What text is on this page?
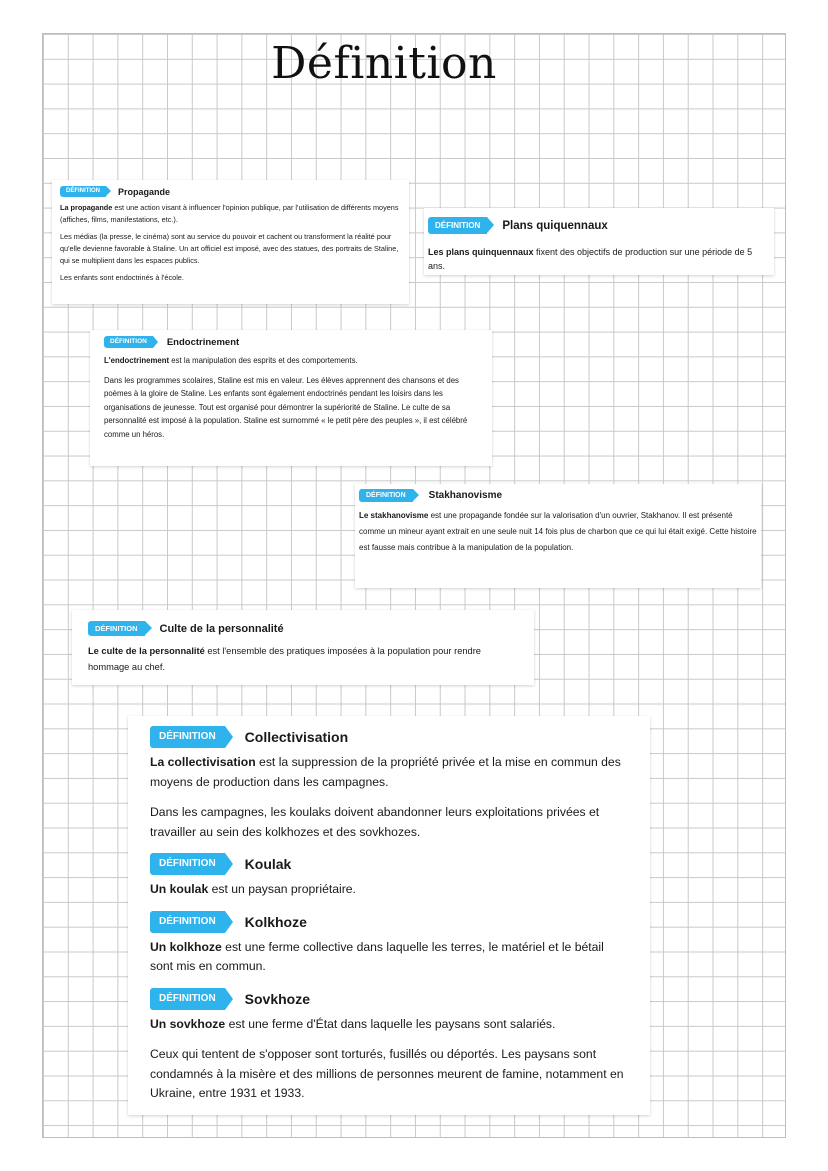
Définition
DÉFINITION	Propagande

La propagande est une action visant à influencer l'opinion publique, par l'utilisation de différents moyens (affiches, films, manifestations, etc.).

Les médias (la presse, le cinéma) sont au service du pouvoir et cachent ou transforment la réalité pour qu'elle devienne favorable à Staline. Un art officiel est imposé, avec des statues, des portraits de Staline, qui se multiplient dans les espaces publics.

Les enfants sont endoctrinés à l'école.

DÉFINITION	Plans quiquennaux

Les plans quinquennaux fixent des objectifs de production sur une période de 5 ans.

DÉFINITION	Endoctrinement

L'endoctrinement est la manipulation des esprits et des comportements.

Dans les programmes scolaires, Staline est mis en valeur. Les élèves apprennent des chansons et des poèmes à la gloire de Staline. Les enfants sont également endoctrinés pendant les loisirs dans les organisations de jeunesse. Tout est organisé pour démontrer la supériorité de Staline. Le culte de sa personnalité est imposé à la population. Staline est surnommé « le petit père des peuples », il est célébré comme un héros.

DÉFINITION	Stakhanovisme

Le stakhanovisme est une propagande fondée sur la valorisation d'un ouvrier, Stakhanov. Il est présenté comme un mineur ayant extrait en une seule nuit 14 fois plus de charbon que ce qui lui était exigé. Cette histoire est fausse mais contribue à la manipulation de la population.

DÉFINITION	Culte de la personnalité

Le culte de la personnalité est l'ensemble des pratiques imposées à la population pour rendre hommage au chef.

DÉFINITION	Collectivisation

La collectivisation est la suppression de la propriété privée et la mise en commun des moyens de production dans les campagnes.

Dans les campagnes, les koulaks doivent abandonner leurs exploitations privées et travailler au sein des kolkhozes et des sovkhozes.

DÉFINITION	Koulak

Un koulak est un paysan propriétaire.

DÉFINITION	Kolkhoze

Un kolkhoze est une ferme collective dans laquelle les terres, le matériel et le bétail sont mis en commun.

DÉFINITION	Sovkhoze

Un sovkhoze est une ferme d'État dans laquelle les paysans sont salariés.

Ceux qui tentent de s'opposer sont torturés, fusillés ou déportés. Les paysans sont condamnés à la misère et des millions de personnes meurent de famine, notamment en Ukraine, entre 1931 et 1933.
